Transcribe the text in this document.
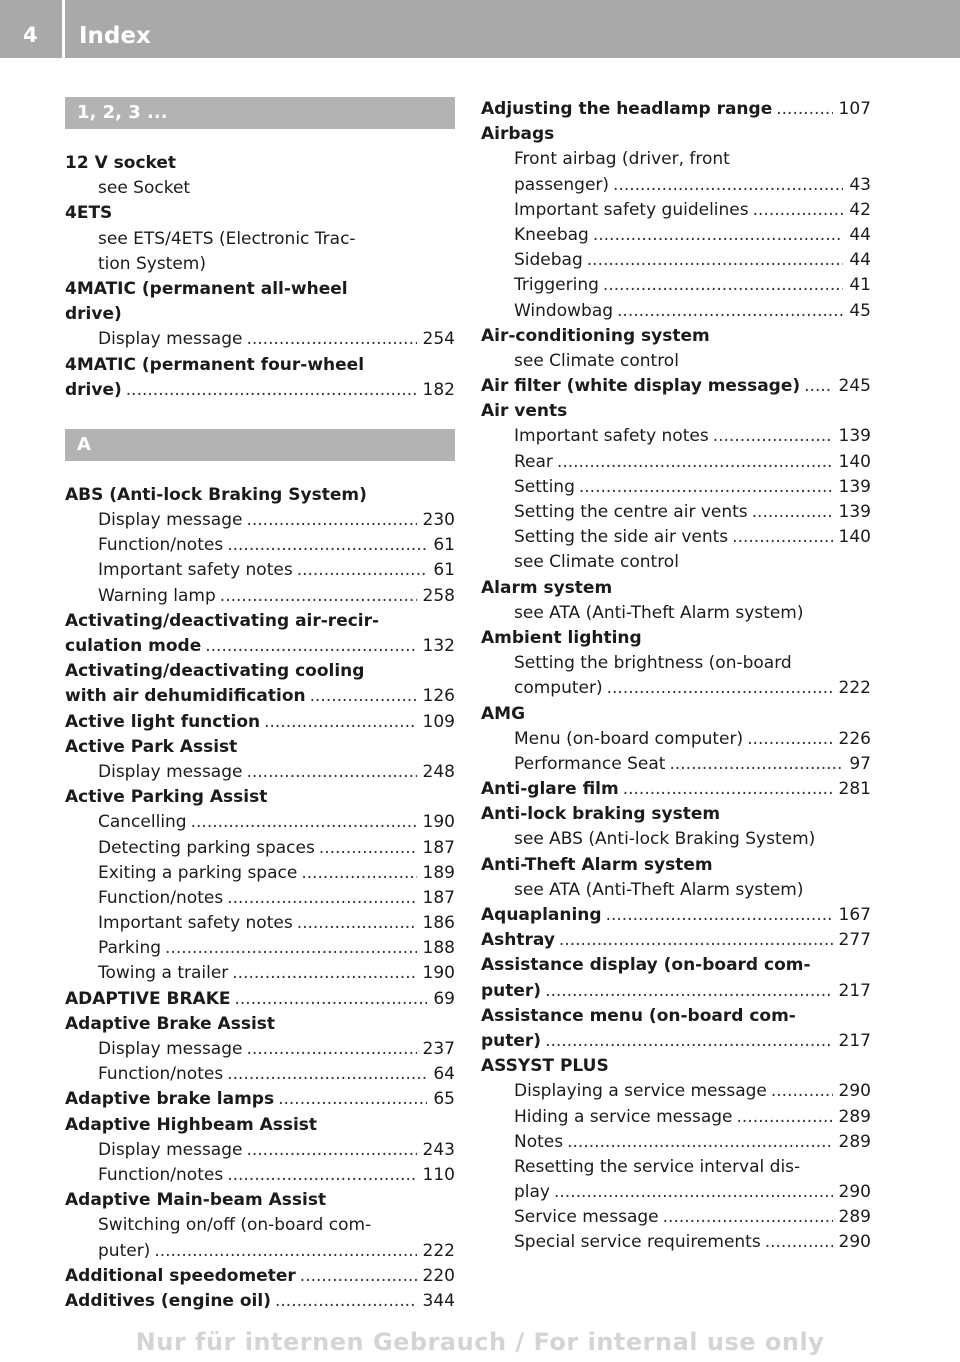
4 Index
1, 2, 3 ...
12 V socket
see Socket
4ETS
see ETS/4ETS (Electronic Trac-
tion System)
4MATIC (permanent all-wheel
drive)
Display message .....	254
4MATIC (permanent four-wheel
drive) .....	182
A
ABS (Anti-lock Braking System)
Display message .....	230
Function/notes .....	61
Important safety notes .....	61
Warning lamp .....	258
Activating/deactivating air-recir-
culation mode .....	132
Activating/deactivating cooling
with air dehumidification .....	126
Active light function .....	109
Active Park Assist
Display message .....	248
Active Parking Assist
Cancelling .....	190
Detecting parking spaces .....	187
Exiting a parking space .....	189
Function/notes .....	187
Important safety notes .....	186
Parking .....	188
Towing a trailer .....	190
ADAPTIVE BRAKE .....	69
Adaptive Brake Assist
Display message .....	237
Function/notes .....	64
Adaptive brake lamps .....	65
Adaptive Highbeam Assist
Display message .....	243
Function/notes .....	110
Adaptive Main-beam Assist
Switching on/off (on-board com-
puter) .....	222
Additional speedometer .....	220
Additives (engine oil) .....	344
Adjusting the headlamp range .....	107
Airbags
Front airbag (driver, front
passenger) .....	43
Important safety guidelines .....	42
Kneebag .....	44
Sidebag .....	44
Triggering .....	41
Windowbag .....	45
Air-conditioning system
see Climate control
Air filter (white display message) ..... 245
Air vents
Important safety notes .....	139
Rear .....	140
Setting .....	139
Setting the centre air vents .....	139
Setting the side air vents .....	140
see Climate control
Alarm system
see ATA (Anti-Theft Alarm system)
Ambient lighting
Setting the brightness (on-board
computer) .....	222
AMG
Menu (on-board computer) .....	226
Performance Seat .....	97
Anti-glare film .....	281
Anti-lock braking system
see ABS (Anti-lock Braking System)
Anti-Theft Alarm system
see ATA (Anti-Theft Alarm system)
Aquaplaning .....	167
Ashtray .....	277
Assistance display (on-board com-
puter) .....	217
Assistance menu (on-board com-
puter) .....	217
ASSYST PLUS
Displaying a service message .....	290
Hiding a service message .....	289
Notes .....	289
Resetting the service interval dis-
play .....	290
Service message .....	289
Special service requirements .....	290
Nur für internen Gebrauch / For internal use only
